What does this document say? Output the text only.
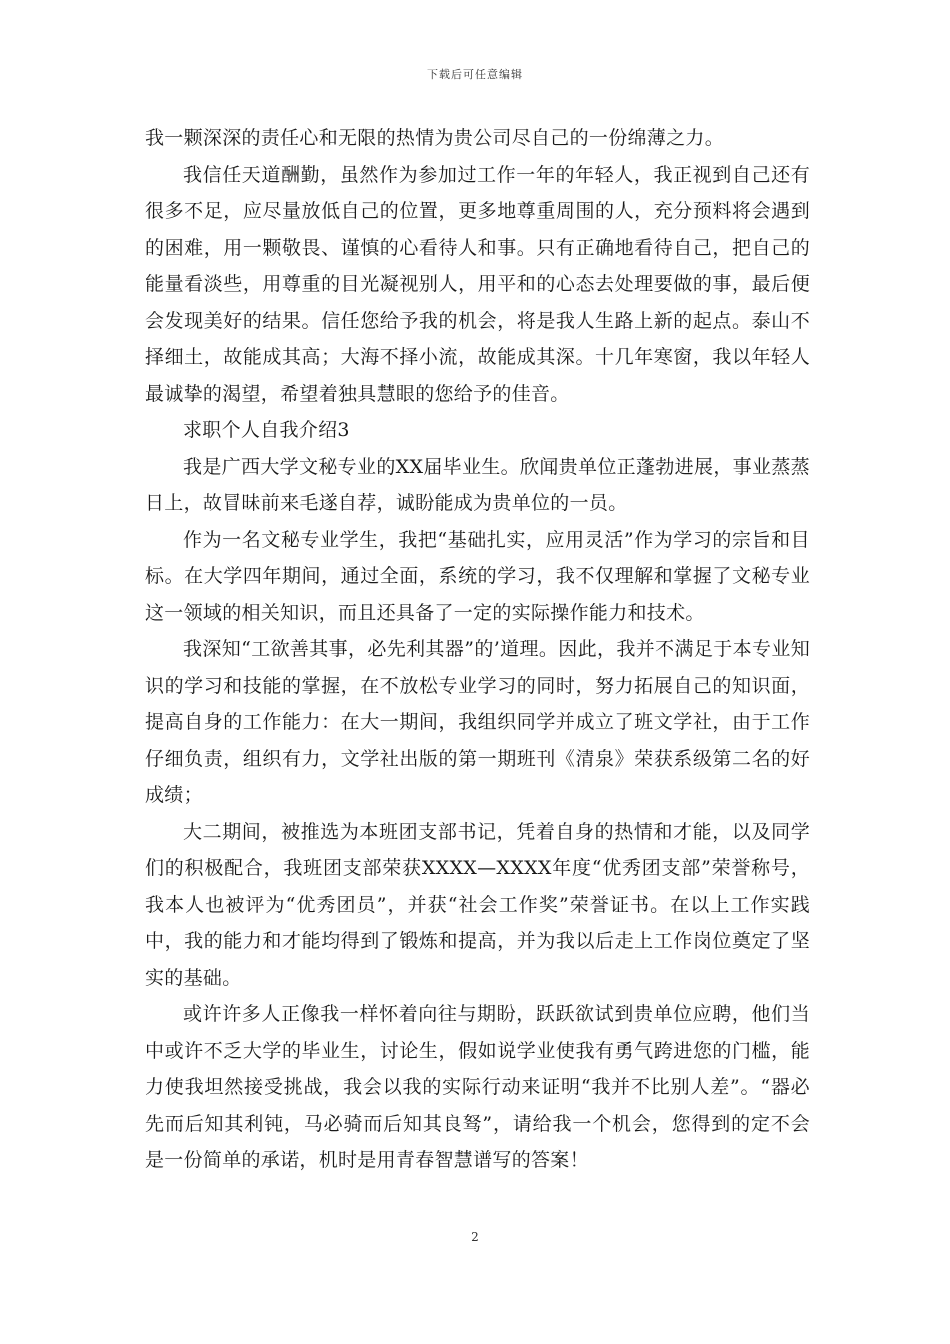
下载后可任意编辑

我一颗深深的责任心和无限的热情为贵公司尽自己的一份绵薄之力。

我信任天道酬勤，虽然作为参加过工作一年的年轻人，我正视到自己还有很多不足，应尽量放低自己的位置，更多地尊重周围的人，充分预料将会遇到的困难，用一颗敬畏、谨慎的心看待人和事。只有正确地看待自己，把自己的能量看淡些，用尊重的目光凝视别人，用平和的心态去处理要做的事，最后便会发现美好的结果。信任您给予我的机会，将是我人生路上新的起点。泰山不择细土，故能成其高；大海不择小流，故能成其深。十几年寒窗，我以年轻人最诚挚的渴望，希望着独具慧眼的您给予的佳音。

求职个人自我介绍3

我是广西大学文秘专业的XX届毕业生。欣闻贵单位正蓬勃进展，事业蒸蒸日上，故冒昧前来毛遂自荐，诚盼能成为贵单位的一员。

作为一名文秘专业学生，我把“基础扎实，应用灵活”作为学习的宗旨和目标。在大学四年期间，通过全面，系统的学习，我不仅理解和掌握了文秘专业这一领域的相关知识，而且还具备了一定的实际操作能力和技术。

我深知“工欲善其事，必先利其器”的’道理。因此，我并不满足于本专业知识的学习和技能的掌握，在不放松专业学习的同时，努力拓展自己的知识面，提高自身的工作能力：在大一期间，我组织同学并成立了班文学社，由于工作仔细负责，组织有力，文学社出版的第一期班刊《清泉》荣获系级第二名的好成绩；

大二期间，被推选为本班团支部书记，凭着自身的热情和才能，以及同学们的积极配合，我班团支部荣获XXXX—XXXX年度“优秀团支部”荣誉称号，我本人也被评为“优秀团员”，并获“社会工作奖”荣誉证书。在以上工作实践中，我的能力和才能均得到了锻炼和提高，并为我以后走上工作岗位奠定了坚实的基础。

或许许多人正像我一样怀着向往与期盼，跃跃欲试到贵单位应聘，他们当中或许不乏大学的毕业生，讨论生，假如说学业使我有勇气跨进您的门槛，能力使我坦然接受挑战，我会以我的实际行动来证明“我并不比别人差”。“器必先而后知其利钝，马必骑而后知其良驽”，请给我一个机会，您得到的定不会是一份简单的承诺，机时是用青春智慧谱写的答案！

2
